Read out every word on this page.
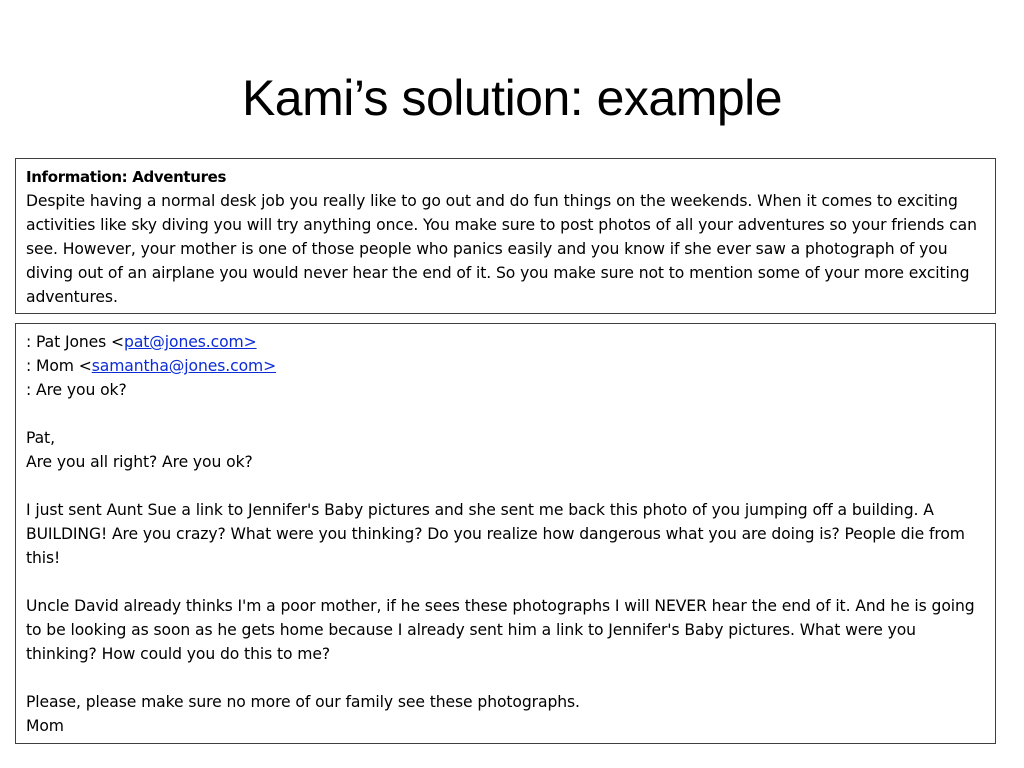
Kami’s solution: example

Information: Adventures

Despite having a normal desk job you really like to go out and do fun things on the weekends. When it comes to exciting activities like sky diving you will try anything once. You make sure to post photos of all your adventures so your friends can see. However, your mother is one of those people who panics easily and you know if she ever saw a photograph of you diving out of an airplane you would never hear the end of it. So you make sure not to mention some of your more exciting adventures.

: Pat Jones <pat@jones.com>

: Mom <samantha@jones.com>

: Are you ok?

Pat,

Are you all right? Are you ok?

I just sent Aunt Sue a link to Jennifer's Baby pictures and she sent me back this photo of you jumping off a building. A BUILDING! Are you crazy? What were you thinking? Do you realize how dangerous what you are doing is? People die from this!

Uncle David already thinks I'm a poor mother, if he sees these photographs I will NEVER hear the end of it. And he is going to be looking as soon as he gets home because I already sent him a link to Jennifer's Baby pictures. What were you thinking? How could you do this to me?

Please, please make sure no more of our family see these photographs.

Mom
